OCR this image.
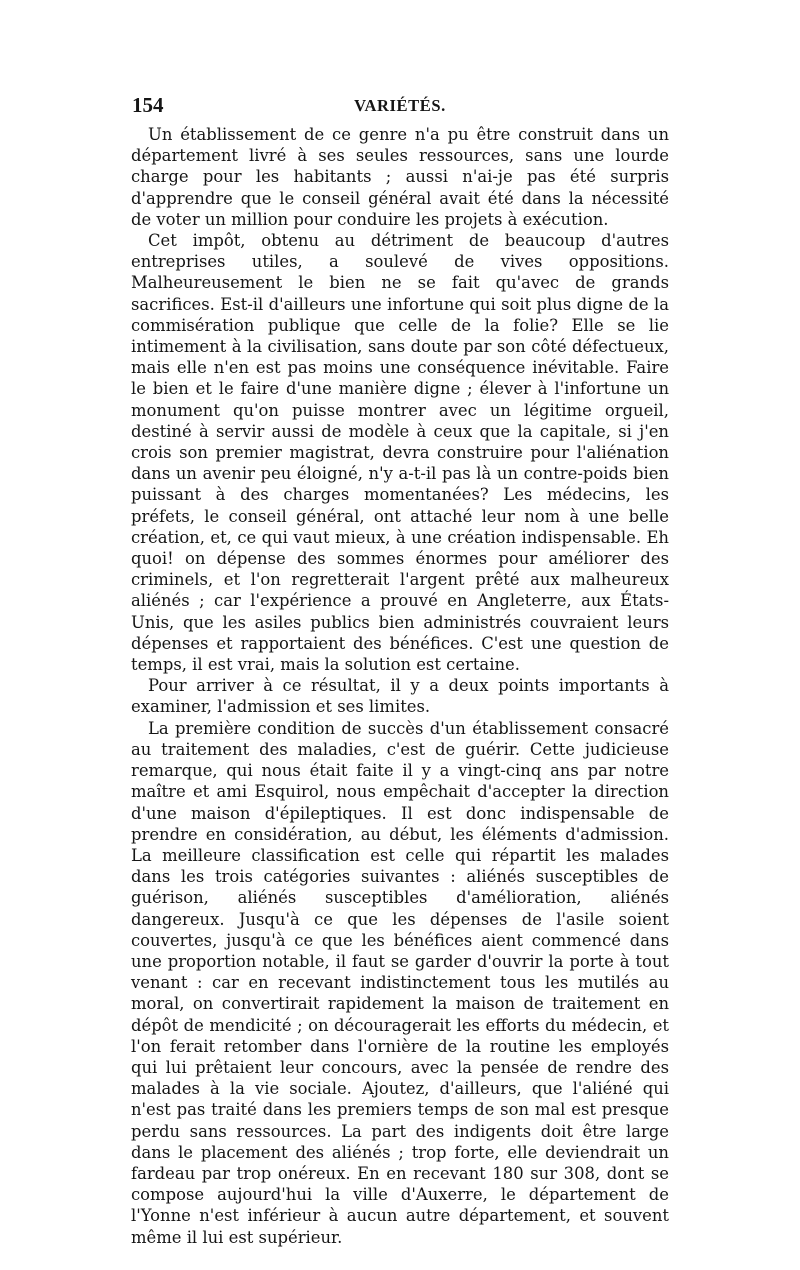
154	VARIÉTÉS.

Un établissement de ce genre n'a pu être construit dans un département livré à ses seules ressources, sans une lourde charge pour les habitants ; aussi n'ai-je pas été surpris d'apprendre que le conseil général avait été dans la nécessité de voter un million pour conduire les projets à exécution.

Cet impôt, obtenu au détriment de beaucoup d'autres entreprises utiles, a soulevé de vives oppositions. Malheureusement le bien ne se fait qu'avec de grands sacrifices. Est-il d'ailleurs une infortune qui soit plus digne de la commisération publique que celle de la folie? Elle se lie intimement à la civilisation, sans doute par son côté défectueux, mais elle n'en est pas moins une conséquence inévitable. Faire le bien et le faire d'une manière digne ; élever à l'infortune un monument qu'on puisse montrer avec un légitime orgueil, destiné à servir aussi de modèle à ceux que la capitale, si j'en crois son premier magistrat, devra construire pour l'aliénation dans un avenir peu éloigné, n'y a-t-il pas là un contre-poids bien puissant à des charges momentanées? Les médecins, les préfets, le conseil général, ont attaché leur nom à une belle création, et, ce qui vaut mieux, à une création indispensable. Eh quoi! on dépense des sommes énormes pour améliorer des criminels, et l'on regretterait l'argent prêté aux malheureux aliénés ; car l'expérience a prouvé en Angleterre, aux États-Unis, que les asiles publics bien administrés couvraient leurs dépenses et rapportaient des bénéfices. C'est une question de temps, il est vrai, mais la solution est certaine.

Pour arriver à ce résultat, il y a deux points importants à examiner, l'admission et ses limites.

La première condition de succès d'un établissement consacré au traitement des maladies, c'est de guérir. Cette judicieuse remarque, qui nous était faite il y a vingt-cinq ans par notre maître et ami Esquirol, nous empêchait d'accepter la direction d'une maison d'épileptiques. Il est donc indispensable de prendre en considération, au début, les éléments d'admission. La meilleure classification est celle qui répartit les malades dans les trois catégories suivantes : aliénés susceptibles de guérison, aliénés susceptibles d'amélioration, aliénés dangereux. Jusqu'à ce que les dépenses de l'asile soient couvertes, jusqu'à ce que les bénéfices aient commencé dans une proportion notable, il faut se garder d'ouvrir la porte à tout venant : car en recevant indistinctement tous les mutilés au moral, on convertirait rapidement la maison de traitement en dépôt de mendicité ; on découragerait les efforts du médecin, et l'on ferait retomber dans l'ornière de la routine les employés qui lui prêtaient leur concours, avec la pensée de rendre des malades à la vie sociale. Ajoutez, d'ailleurs, que l'aliéné qui n'est pas traité dans les premiers temps de son mal est presque perdu sans ressources. La part des indigents doit être large dans le placement des aliénés ; trop forte, elle deviendrait un fardeau par trop onéreux. En en recevant 180 sur 308, dont se compose aujourd'hui la ville d'Auxerre, le département de l'Yonne n'est inférieur à aucun autre département, et souvent même il lui est supérieur.
